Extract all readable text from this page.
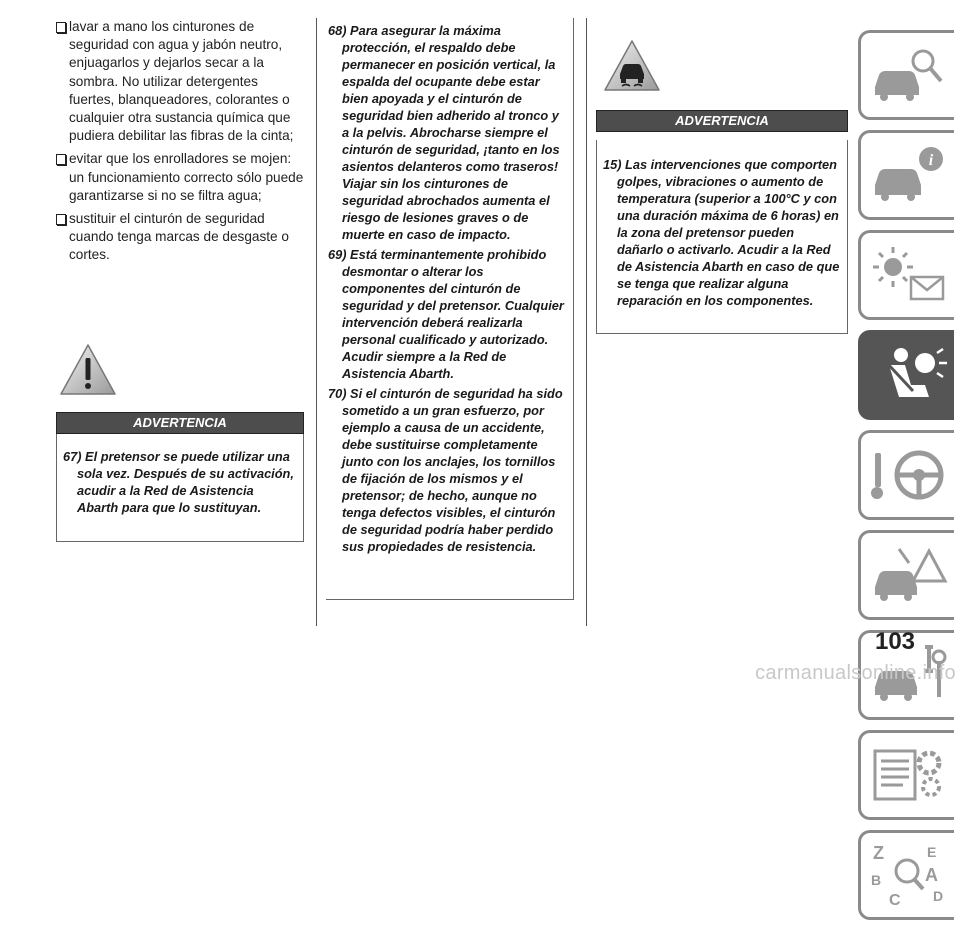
lavar a mano los cinturones de seguridad con agua y jabón neutro, enjuagarlos y dejarlos secar a la sombra. No utilizar detergentes fuertes, blanqueadores, colorantes o cualquier otra sustancia química que pudiera debilitar las fibras de la cinta;
evitar que los enrolladores se mojen: un funcionamiento correcto sólo puede garantizarse si no se filtra agua;
sustituir el cinturón de seguridad cuando tenga marcas de desgaste o cortes.
ADVERTENCIA

67) El pretensor se puede utilizar una sola vez. Después de su activación, acudir a la Red de Asistencia Abarth para que lo sustituyan.

68) Para asegurar la máxima protección, el respaldo debe permanecer en posición vertical, la espalda del ocupante debe estar bien apoyada y el cinturón de seguridad bien adherido al tronco y a la pelvis. Abrocharse siempre el cinturón de seguridad, ¡tanto en los asientos delanteros como traseros! Viajar sin los cinturones de seguridad abrochados aumenta el riesgo de lesiones graves o de muerte en caso de impacto.

69) Está terminantemente prohibido desmontar o alterar los componentes del cinturón de seguridad y del pretensor. Cualquier intervención deberá realizarla personal cualificado y autorizado. Acudir siempre a la Red de Asistencia Abarth.

70) Si el cinturón de seguridad ha sido sometido a un gran esfuerzo, por ejemplo a causa de un accidente, debe sustituirse completamente junto con los anclajes, los tornillos de fijación de los mismos y el pretensor; de hecho, aunque no tenga defectos visibles, el cinturón de seguridad podría haber perdido sus propiedades de resistencia.

ADVERTENCIA

15) Las intervenciones que comporten golpes, vibraciones o aumento de temperatura (superior a 100°C y con una duración máxima de 6 horas) en la zona del pretensor pueden dañarlo o activarlo. Acudir a la Red de Asistencia Abarth en caso de que se tenga que realizar alguna reparación en los componentes.

i
Z	E
B A
C D
103
carmanualsonline.info
